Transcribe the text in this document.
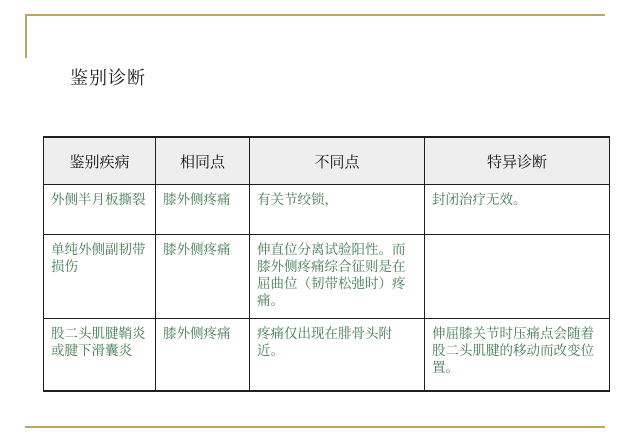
鉴别诊断
鉴别疾病	相同点	不同点	特异诊断
外侧半月板撕裂	膝外侧疼痛	有关节绞锁，	封闭治疗无效。
单纯外侧副韧带损伤	膝外侧疼痛	伸直位分离试验阳性。而膝外侧疼痛综合征则是在屈曲位（韧带松弛时）疼痛。	
股二头肌腱鞘炎或腱下滑囊炎	膝外侧疼痛	疼痛仅出现在腓骨头附近。	伸屈膝关节时压痛点会随着股二头肌腱的移动而改变位置。
